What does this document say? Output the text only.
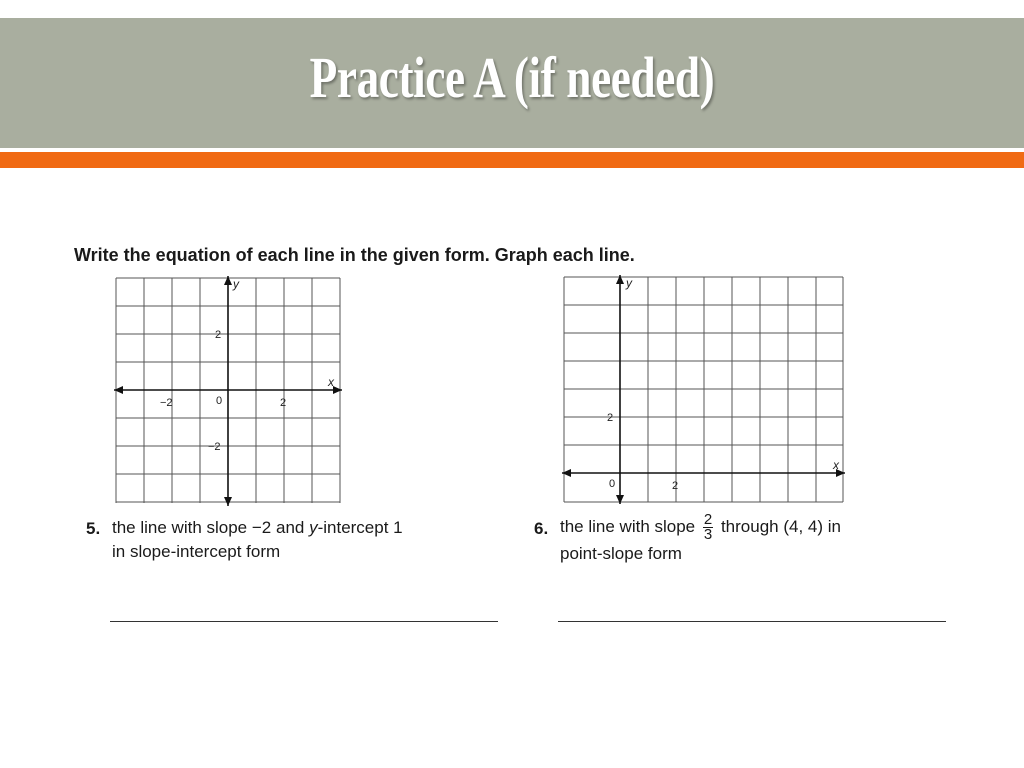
Practice A (if needed)
Write the equation of each line in the given form. Graph each line.
x
y
−2	0	2
2
−2
x
y
0	2
2
5. the line with slope −2 and y-intercept 1
in slope-intercept form
6. the line with slope $\frac{2}{3}$ through (4, 4) in
point-slope form
